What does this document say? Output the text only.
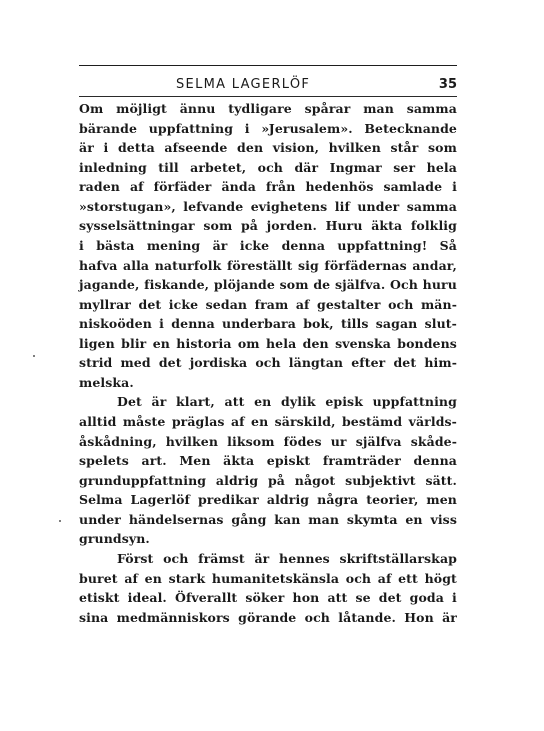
SELMA LAGERLÖF	35
Om möjligt ännu tydligare spårar man samma
bärande uppfattning i »Jerusalem». Betecknande
är i detta afseende den vision, hvilken står som
inledning till arbetet, och där Ingmar ser hela
raden af förfäder ända från hedenhös samlade i
»storstugan», lefvande evighetens lif under samma
sysselsättningar som på jorden. Huru äkta folklig
i bästa mening är icke denna uppfattning! Så
hafva alla naturfolk föreställt sig förfädernas andar,
jagande, fiskande, plöjande som de själfva. Och huru
myllrar det icke sedan fram af gestalter och män-
niskoöden i denna underbara bok, tills sagan slut-
ligen blir en historia om hela den svenska bondens
strid med det jordiska och längtan efter det him-
melska.
Det är klart, att en dylik episk uppfattning
alltid måste präglas af en särskild, bestämd världs-
åskådning, hvilken liksom födes ur själfva skåde-
spelets art. Men äkta episkt framträder denna
grunduppfattning aldrig på något subjektivt sätt.
Selma Lagerlöf predikar aldrig några teorier, men
under händelsernas gång kan man skymta en viss
grundsyn.
Först och främst är hennes skriftställarskap
buret af en stark humanitetskänsla och af ett högt
etiskt ideal. Öfverallt söker hon att se det goda i
sina medmänniskors görande och låtande. Hon är
